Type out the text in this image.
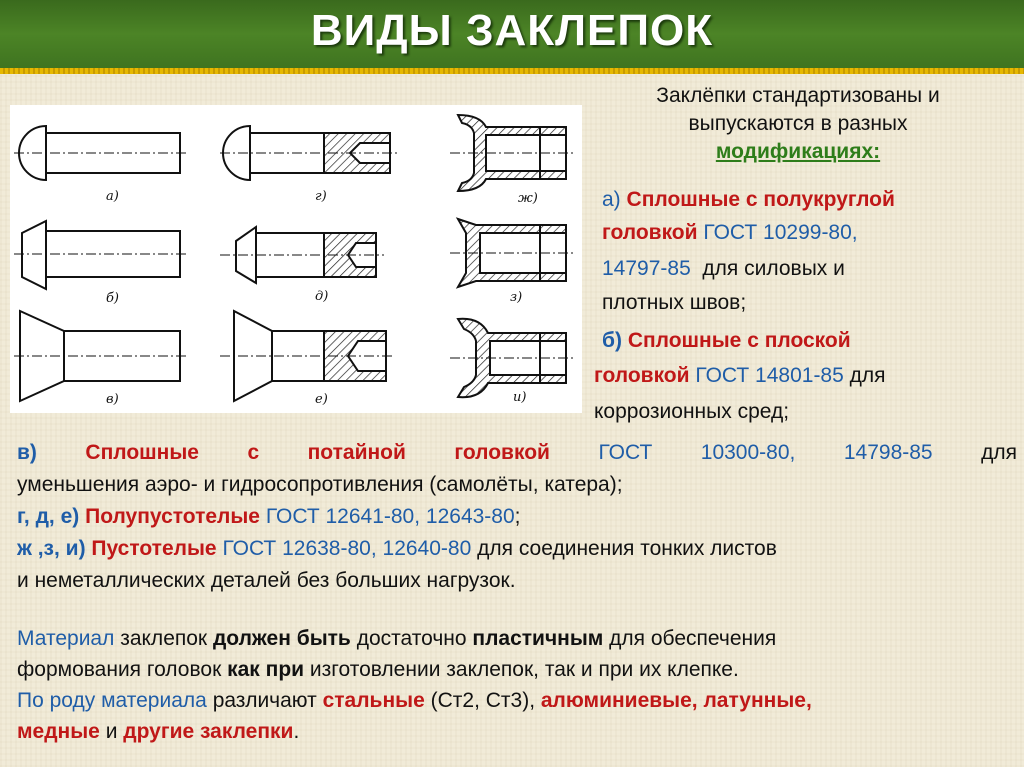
ВИДЫ ЗАКЛЕПОК
а)	г)	ж)
б)	д)	з)
в)	е)	и)
Заклёпки стандартизованы и
выпускаются в разных
модификациях:
а) Сплошные с полукруглой
головкой ГОСТ 10299-80,
14797-85 для силовых и
плотных швов;
б) Сплошные с плоской
головкой ГОСТ 14801-85 для
коррозионных сред;
в) Сплошные с потайной головкой ГОСТ 10300-80, 14798-85 для
уменьшения аэро- и гидросопротивления (самолёты, катера);
г, д, е) Полупустотелые ГОСТ 12641-80, 12643-80;
ж ,з, и) Пустотелые ГОСТ 12638-80, 12640-80 для соединения тонких листов
и неметаллических деталей без больших нагрузок.
Материал заклепок должен быть достаточно пластичным для обеспечения
формования головок как при изготовлении заклепок, так и при их клепке.
По роду материала различают стальные (Ст2, Ст3), алюминиевые, латунные,
медные и другие заклепки.
